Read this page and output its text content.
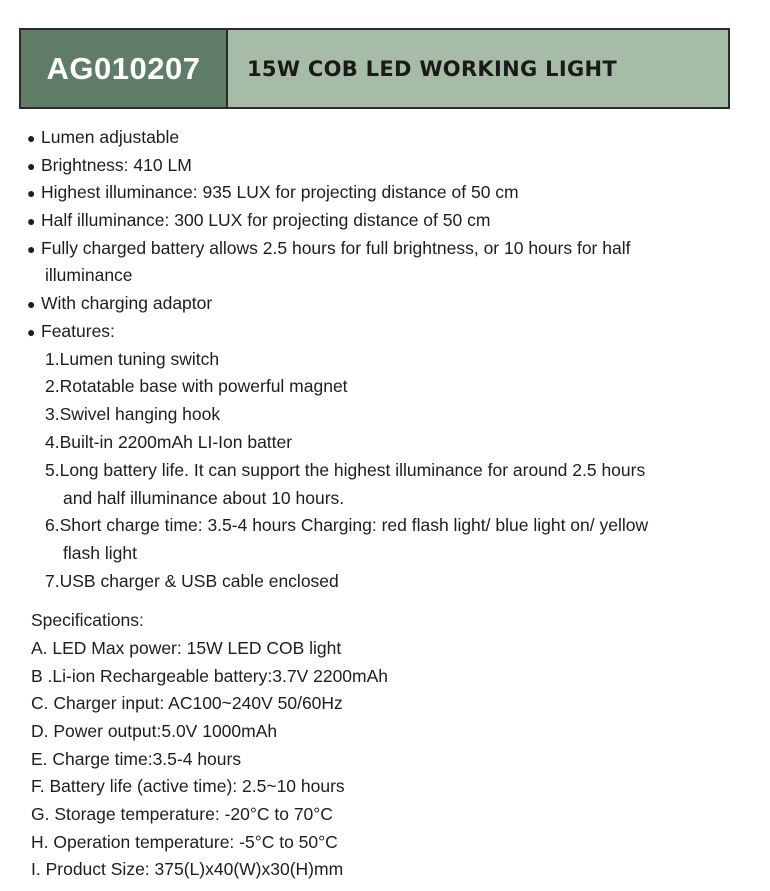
AG010207	15W COB LED WORKING LIGHT
● Lumen adjustable
● Brightness: 410 LM
● Highest illuminance: 935 LUX for projecting distance of 50 cm
● Half illuminance: 300 LUX for projecting distance of 50 cm
● Fully charged battery allows 2.5 hours for full brightness, or 10 hours for half
illuminance
● With charging adaptor
● Features:
1.Lumen tuning switch
2.Rotatable base with powerful magnet
3.Swivel hanging hook
4.Built-in 2200mAh LI-Ion batter
5.Long battery life. It can support the highest illuminance for around 2.5 hours
and half illuminance about 10 hours.
6.Short charge time: 3.5-4 hours Charging: red flash light/ blue light on/ yellow
flash light
7.USB charger & USB cable enclosed
Specifications:
A. LED Max power: 15W LED COB light
B .Li-ion Rechargeable battery:3.7V 2200mAh
C. Charger input: AC100~240V 50/60Hz
D. Power output:5.0V 1000mAh
E. Charge time:3.5-4 hours
F. Battery life (active time): 2.5~10 hours
G. Storage temperature: -20°C to 70°C
H. Operation temperature: -5°C to 50°C
I. Product Size: 375(L)x40(W)x30(H)mm
